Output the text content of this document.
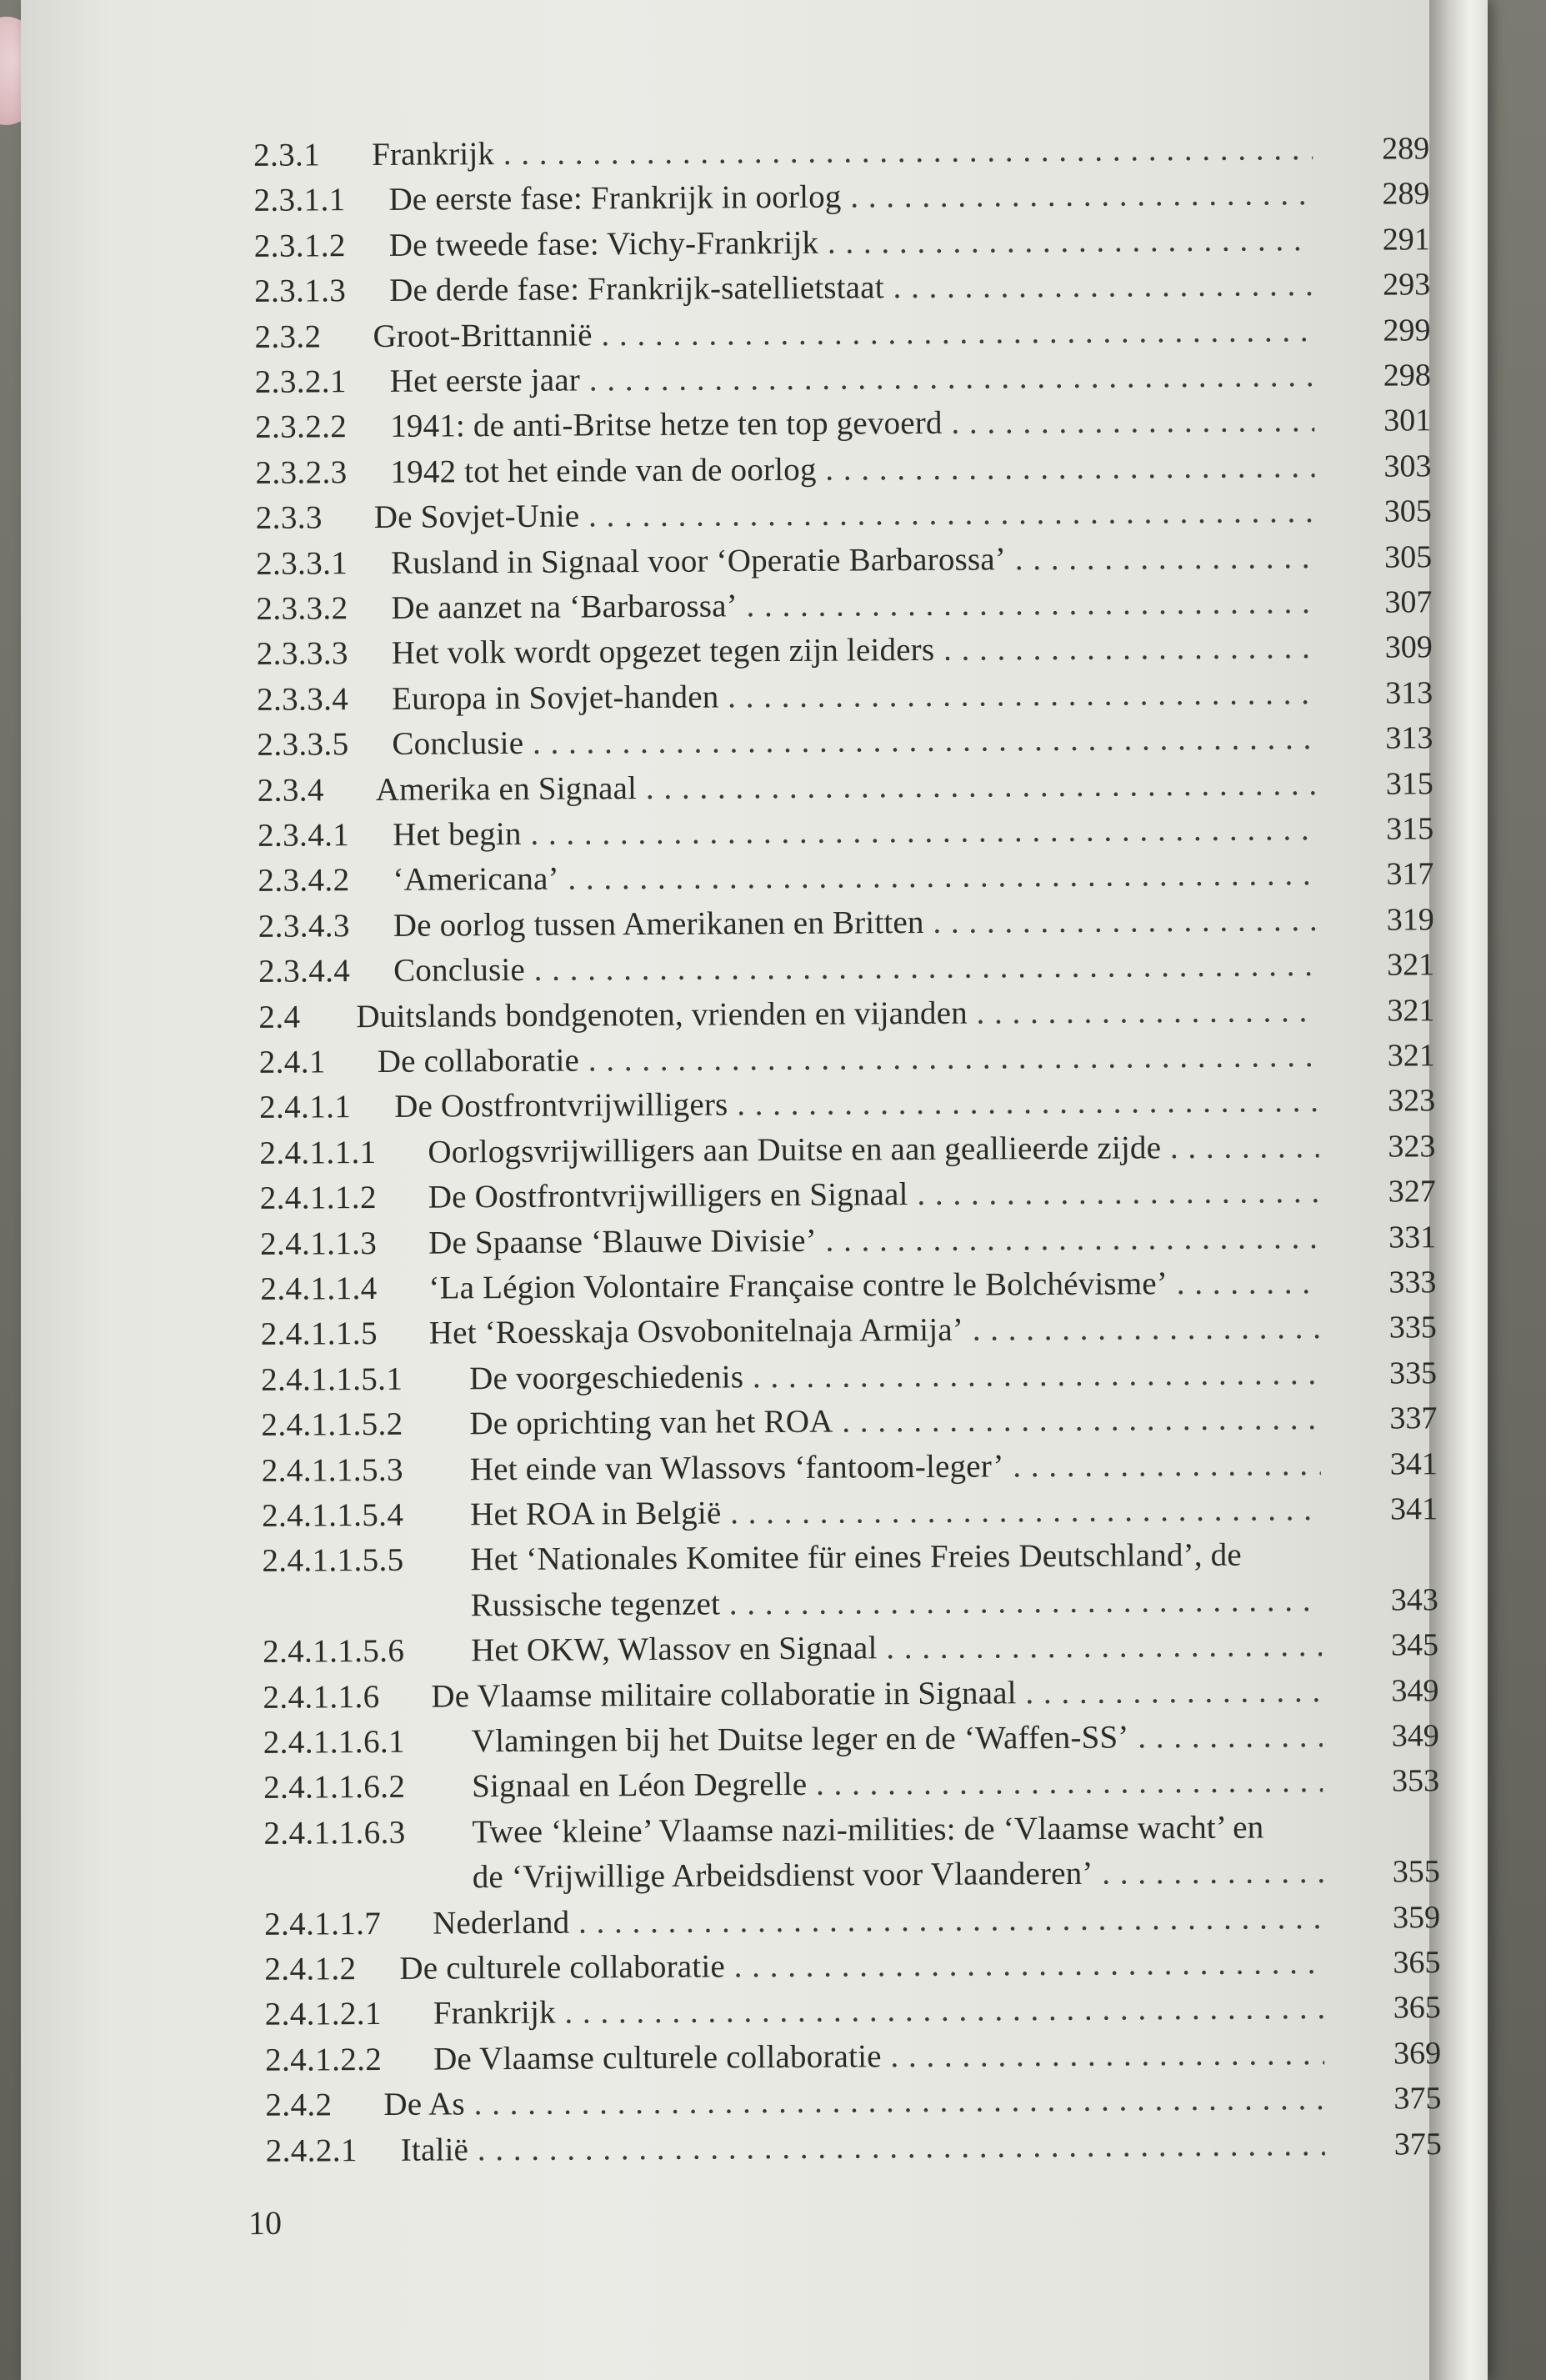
2.3.1 Frankrijk . . .	289
2.3.1.1 De eerste fase: Frankrijk in oorlog . . .	289
2.3.1.2 De tweede fase: Vichy-Frankrijk . . .	291
2.3.1.3 De derde fase: Frankrijk-satellietstaat . . .	293
2.3.2 Groot-Brittannië . . .	299
2.3.2.1 Het eerste jaar . . .	298
2.3.2.2 1941: de anti-Britse hetze ten top gevoerd . . .	301
2.3.2.3 1942 tot het einde van de oorlog . . .	303
2.3.3 De Sovjet-Unie . . .	305
2.3.3.1 Rusland in Signaal voor ‘Operatie Barbarossa’ . . .	305
2.3.3.2 De aanzet na ‘Barbarossa’ . . .	307
2.3.3.3 Het volk wordt opgezet tegen zijn leiders . . .	309
2.3.3.4 Europa in Sovjet-handen . . .	313
2.3.3.5 Conclusie . . .	313
2.3.4 Amerika en Signaal . . .	315
2.3.4.1 Het begin . . .	315
2.3.4.2 ‘Americana’ . . .	317
2.3.4.3 De oorlog tussen Amerikanen en Britten . . .	319
2.3.4.4 Conclusie . . .	321
2.4 Duitslands bondgenoten, vrienden en vijanden . . .	321
2.4.1 De collaboratie . . .	321
2.4.1.1 De Oostfrontvrijwilligers . . .	323
2.4.1.1.1 Oorlogsvrijwilligers aan Duitse en aan geallieerde zijde . . .	323
2.4.1.1.2 De Oostfrontvrijwilligers en Signaal . . .	327
2.4.1.1.3 De Spaanse ‘Blauwe Divisie’ . . .	331
2.4.1.1.4 ‘La Légion Volontaire Française contre le Bolchévisme’ . . .	333
2.4.1.1.5 Het ‘Roesskaja Osvobonitelnaja Armija’ . . .	335
2.4.1.1.5.1 De voorgeschiedenis . . .	335
2.4.1.1.5.2 De oprichting van het ROA . . .	337
2.4.1.1.5.3 Het einde van Wlassovs ‘fantoom-leger’ . . .	341
2.4.1.1.5.4 Het ROA in België . . .	341
2.4.1.1.5.5 Het ‘Nationales Komitee für eines Freies Deutschland’, de
Russische tegenzet . . .	343
2.4.1.1.5.6 Het OKW, Wlassov en Signaal . . .	345
2.4.1.1.6 De Vlaamse militaire collaboratie in Signaal . . .	349
2.4.1.1.6.1 Vlamingen bij het Duitse leger en de ‘Waffen-SS’ . . .	349
2.4.1.1.6.2 Signaal en Léon Degrelle . . .	353
2.4.1.1.6.3 Twee ‘kleine’ Vlaamse nazi-milities: de ‘Vlaamse wacht’ en
de ‘Vrijwillige Arbeidsdienst voor Vlaanderen’ . . .	355
2.4.1.1.7 Nederland . . .	359
2.4.1.2 De culturele collaboratie . . .	365
2.4.1.2.1 Frankrijk . . .	365
2.4.1.2.2 De Vlaamse culturele collaboratie . . .	369
2.4.2 De As . . .	375
2.4.2.1 Italië . . .	375
10
